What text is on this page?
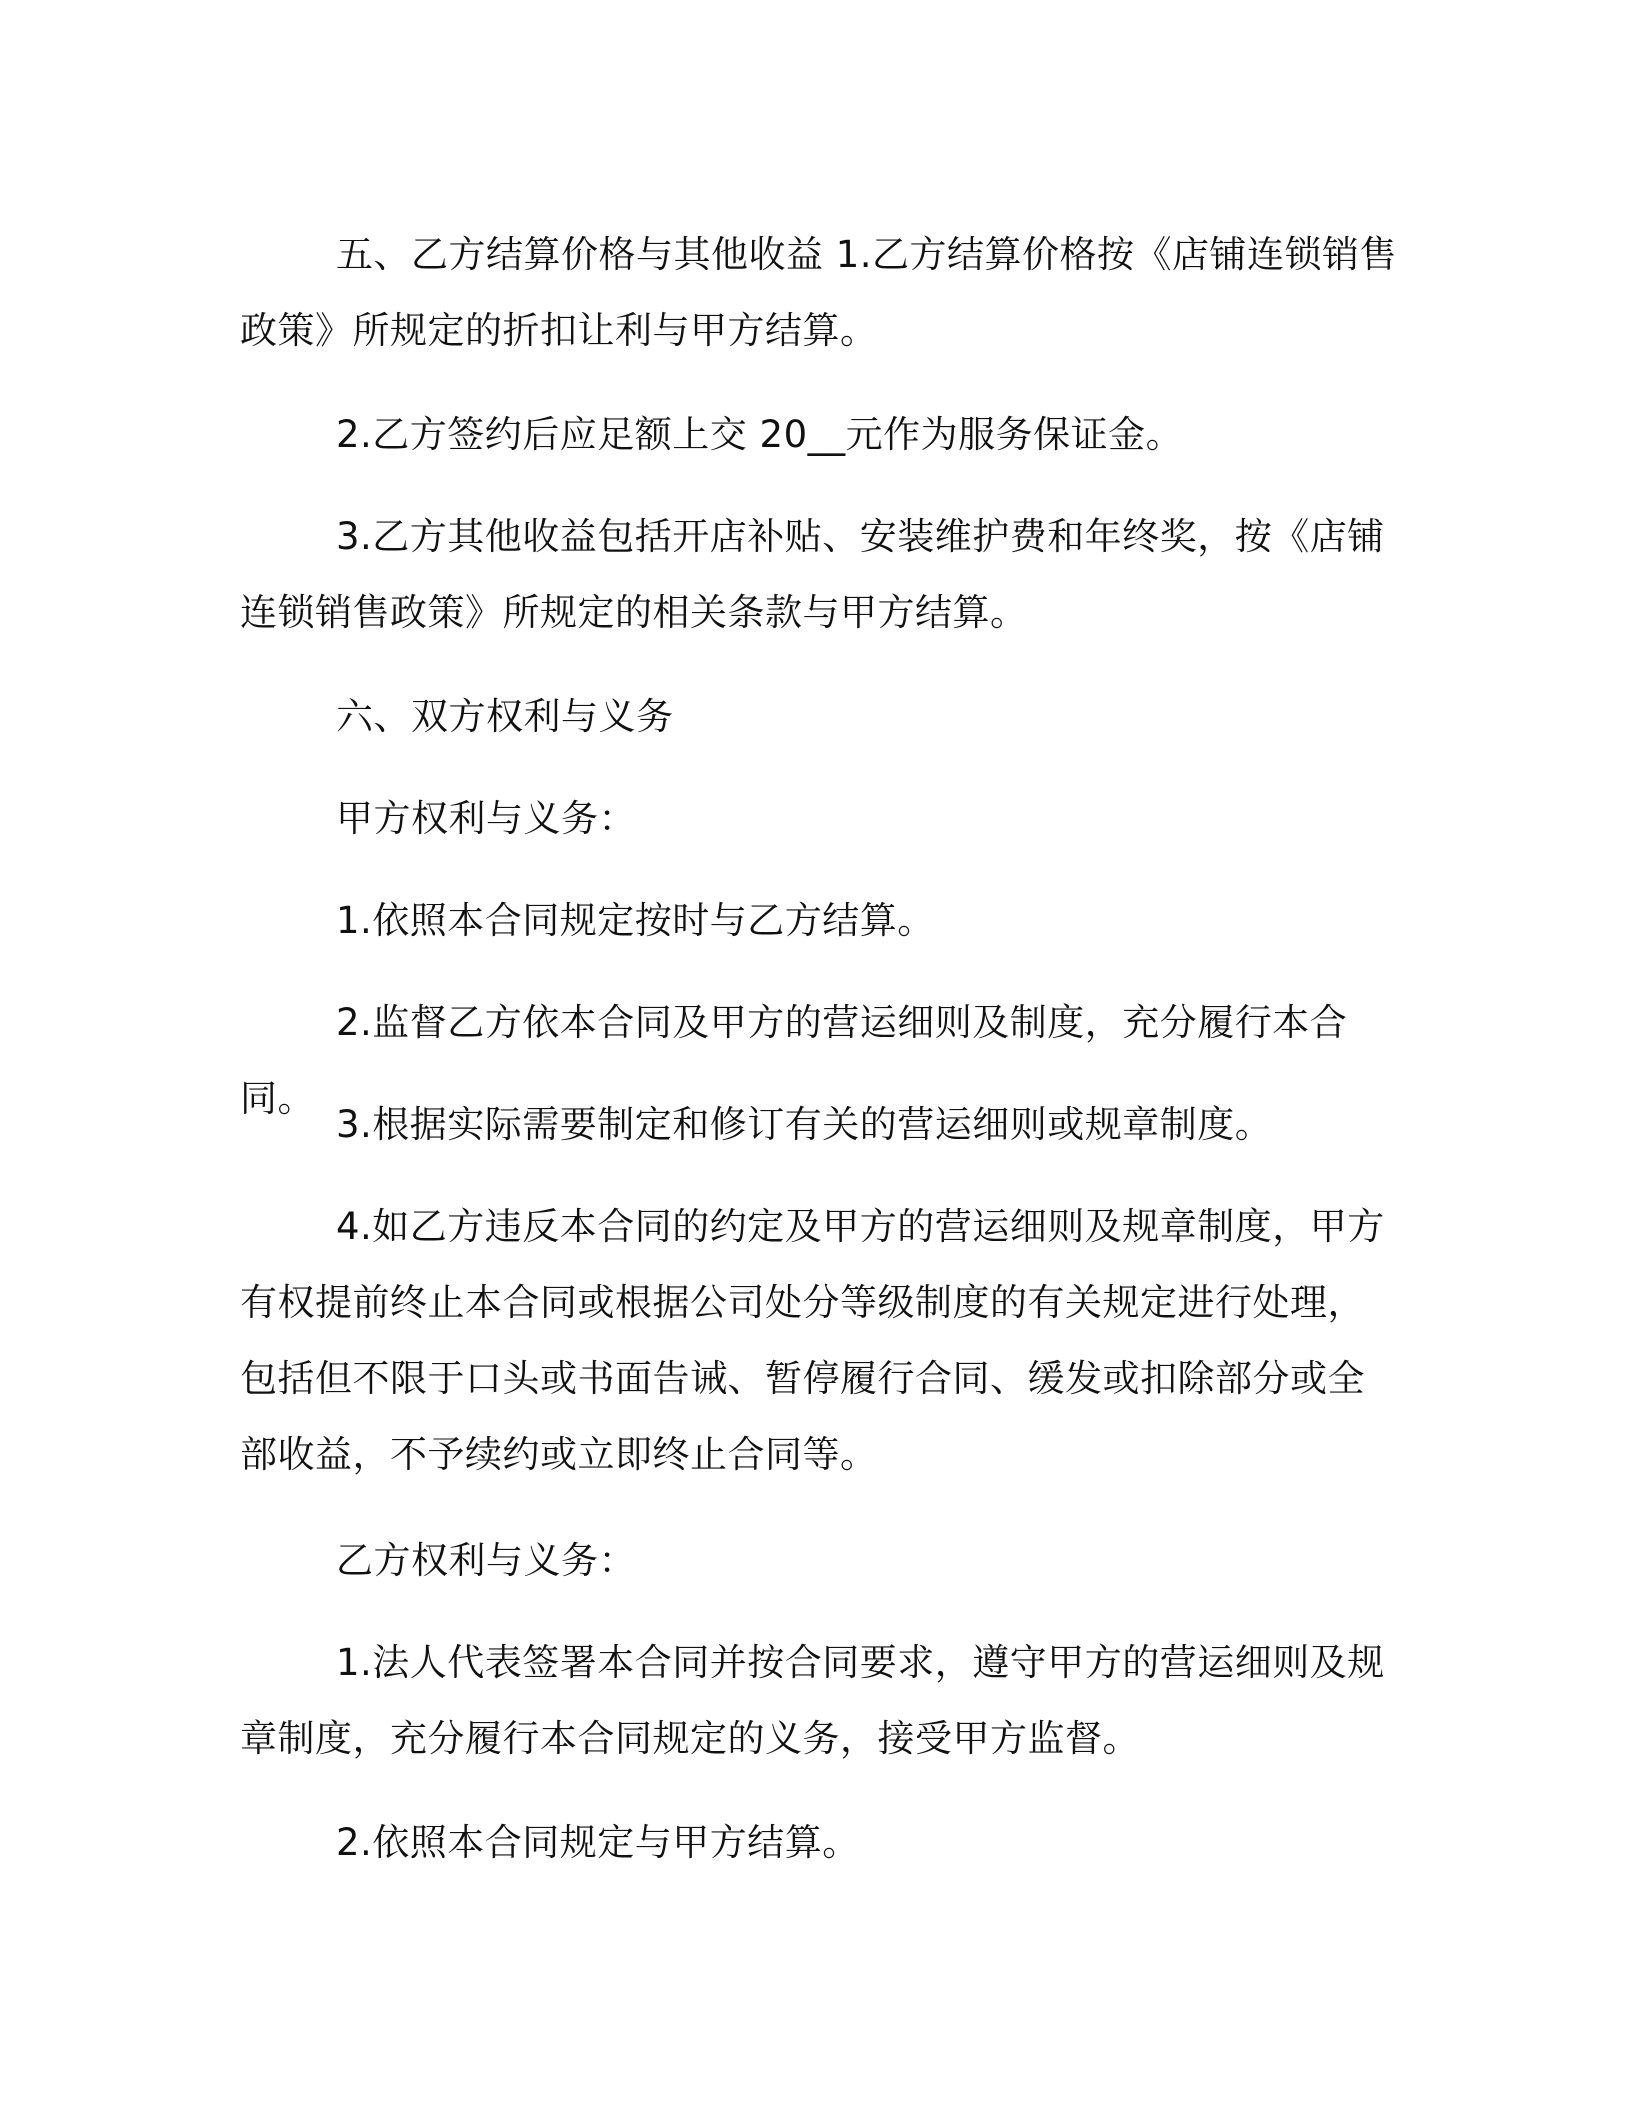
五、乙方结算价格与其他收益 1.乙方结算价格按《店铺连锁销售政策》所规定的折扣让利与甲方结算。

2.乙方签约后应足额上交 20__元作为服务保证金。

3.乙方其他收益包括开店补贴、安装维护费和年终奖，按《店铺连锁销售政策》所规定的相关条款与甲方结算。

六、双方权利与义务

甲方权利与义务：

1.依照本合同规定按时与乙方结算。

2.监督乙方依本合同及甲方的营运细则及制度，充分履行本合同。

3.根据实际需要制定和修订有关的营运细则或规章制度。

4.如乙方违反本合同的约定及甲方的营运细则及规章制度，甲方有权提前终止本合同或根据公司处分等级制度的有关规定进行处理，包括但不限于口头或书面告诫、暂停履行合同、缓发或扣除部分或全部收益，不予续约或立即终止合同等。

乙方权利与义务：

1.法人代表签署本合同并按合同要求，遵守甲方的营运细则及规章制度，充分履行本合同规定的义务，接受甲方监督。

2.依照本合同规定与甲方结算。
